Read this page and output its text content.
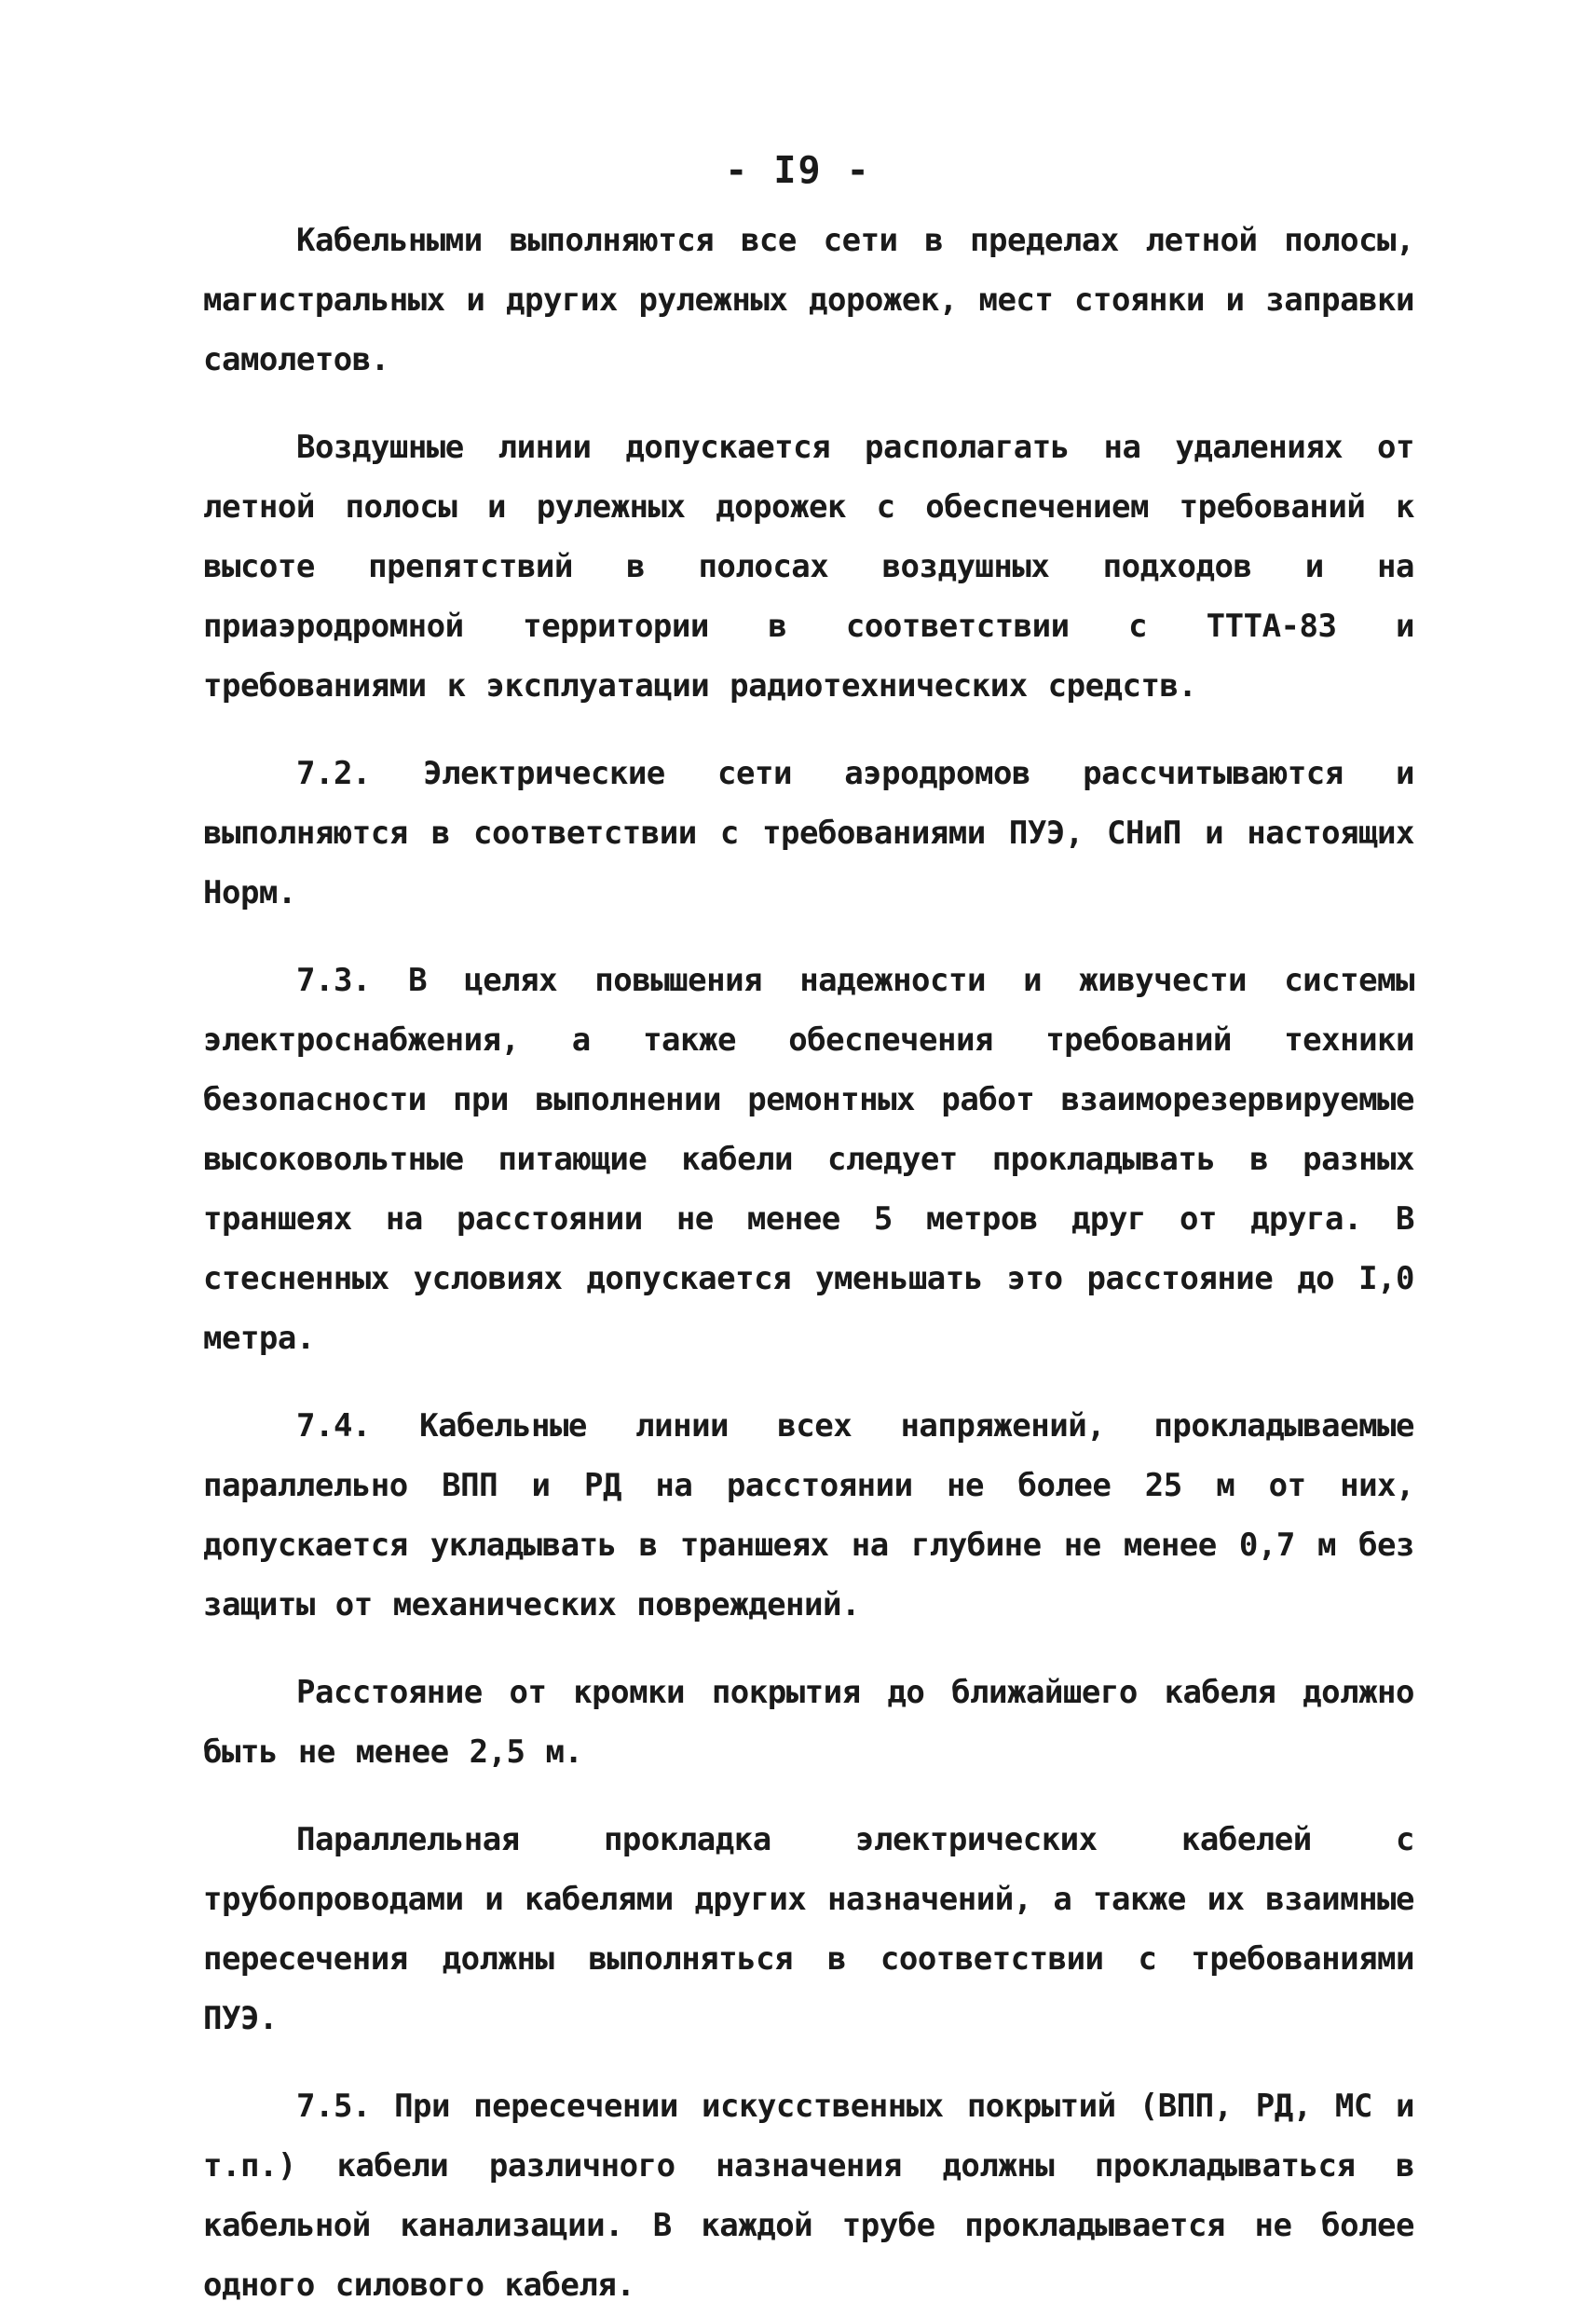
- I9 -

Кабельными выполняются все сети в пределах летной полосы, магистральных и других рулежных дорожек, мест стоянки и заправки самолетов.

Воздушные линии допускается располагать на удалениях от летной полосы и рулежных дорожек с обеспечением требований к высоте препятствий в полосах воздушных подходов и на приаэродромной территории в соответствии с ТТТА-83 и требованиями к эксплуатации радиотехнических средств.

7.2. Электрические сети аэродромов рассчитываются и выполняются в соответствии с требованиями ПУЭ, СНиП и настоящих Норм.

7.3. В целях повышения надежности и живучести системы электроснабжения, а также обеспечения требований техники безопасности при выполнении ремонтных работ взаиморезервируемые высоковольтные питающие кабели следует прокладывать в разных траншеях на расстоянии не менее 5 метров друг от друга. В стесненных условиях допускается уменьшать это расстояние до I,0 метра.

7.4. Кабельные линии всех напряжений, прокладываемые параллельно ВПП и РД на расстоянии не более 25 м от них, допускается укладывать в траншеях на глубине не менее 0,7 м без защиты от механических повреждений.

Расстояние от кромки покрытия до ближайшего кабеля должно быть не менее 2,5 м.

Параллельная прокладка электрических кабелей с трубопроводами и кабелями других назначений, а также их взаимные пересечения должны выполняться в соответствии с требованиями ПУЭ.

7.5. При пересечении искусственных покрытий (ВПП, РД, МС и т.п.) кабели различного назначения должны прокладываться в кабельной канализации. В каждой трубе прокладывается не более одного силового кабеля.
